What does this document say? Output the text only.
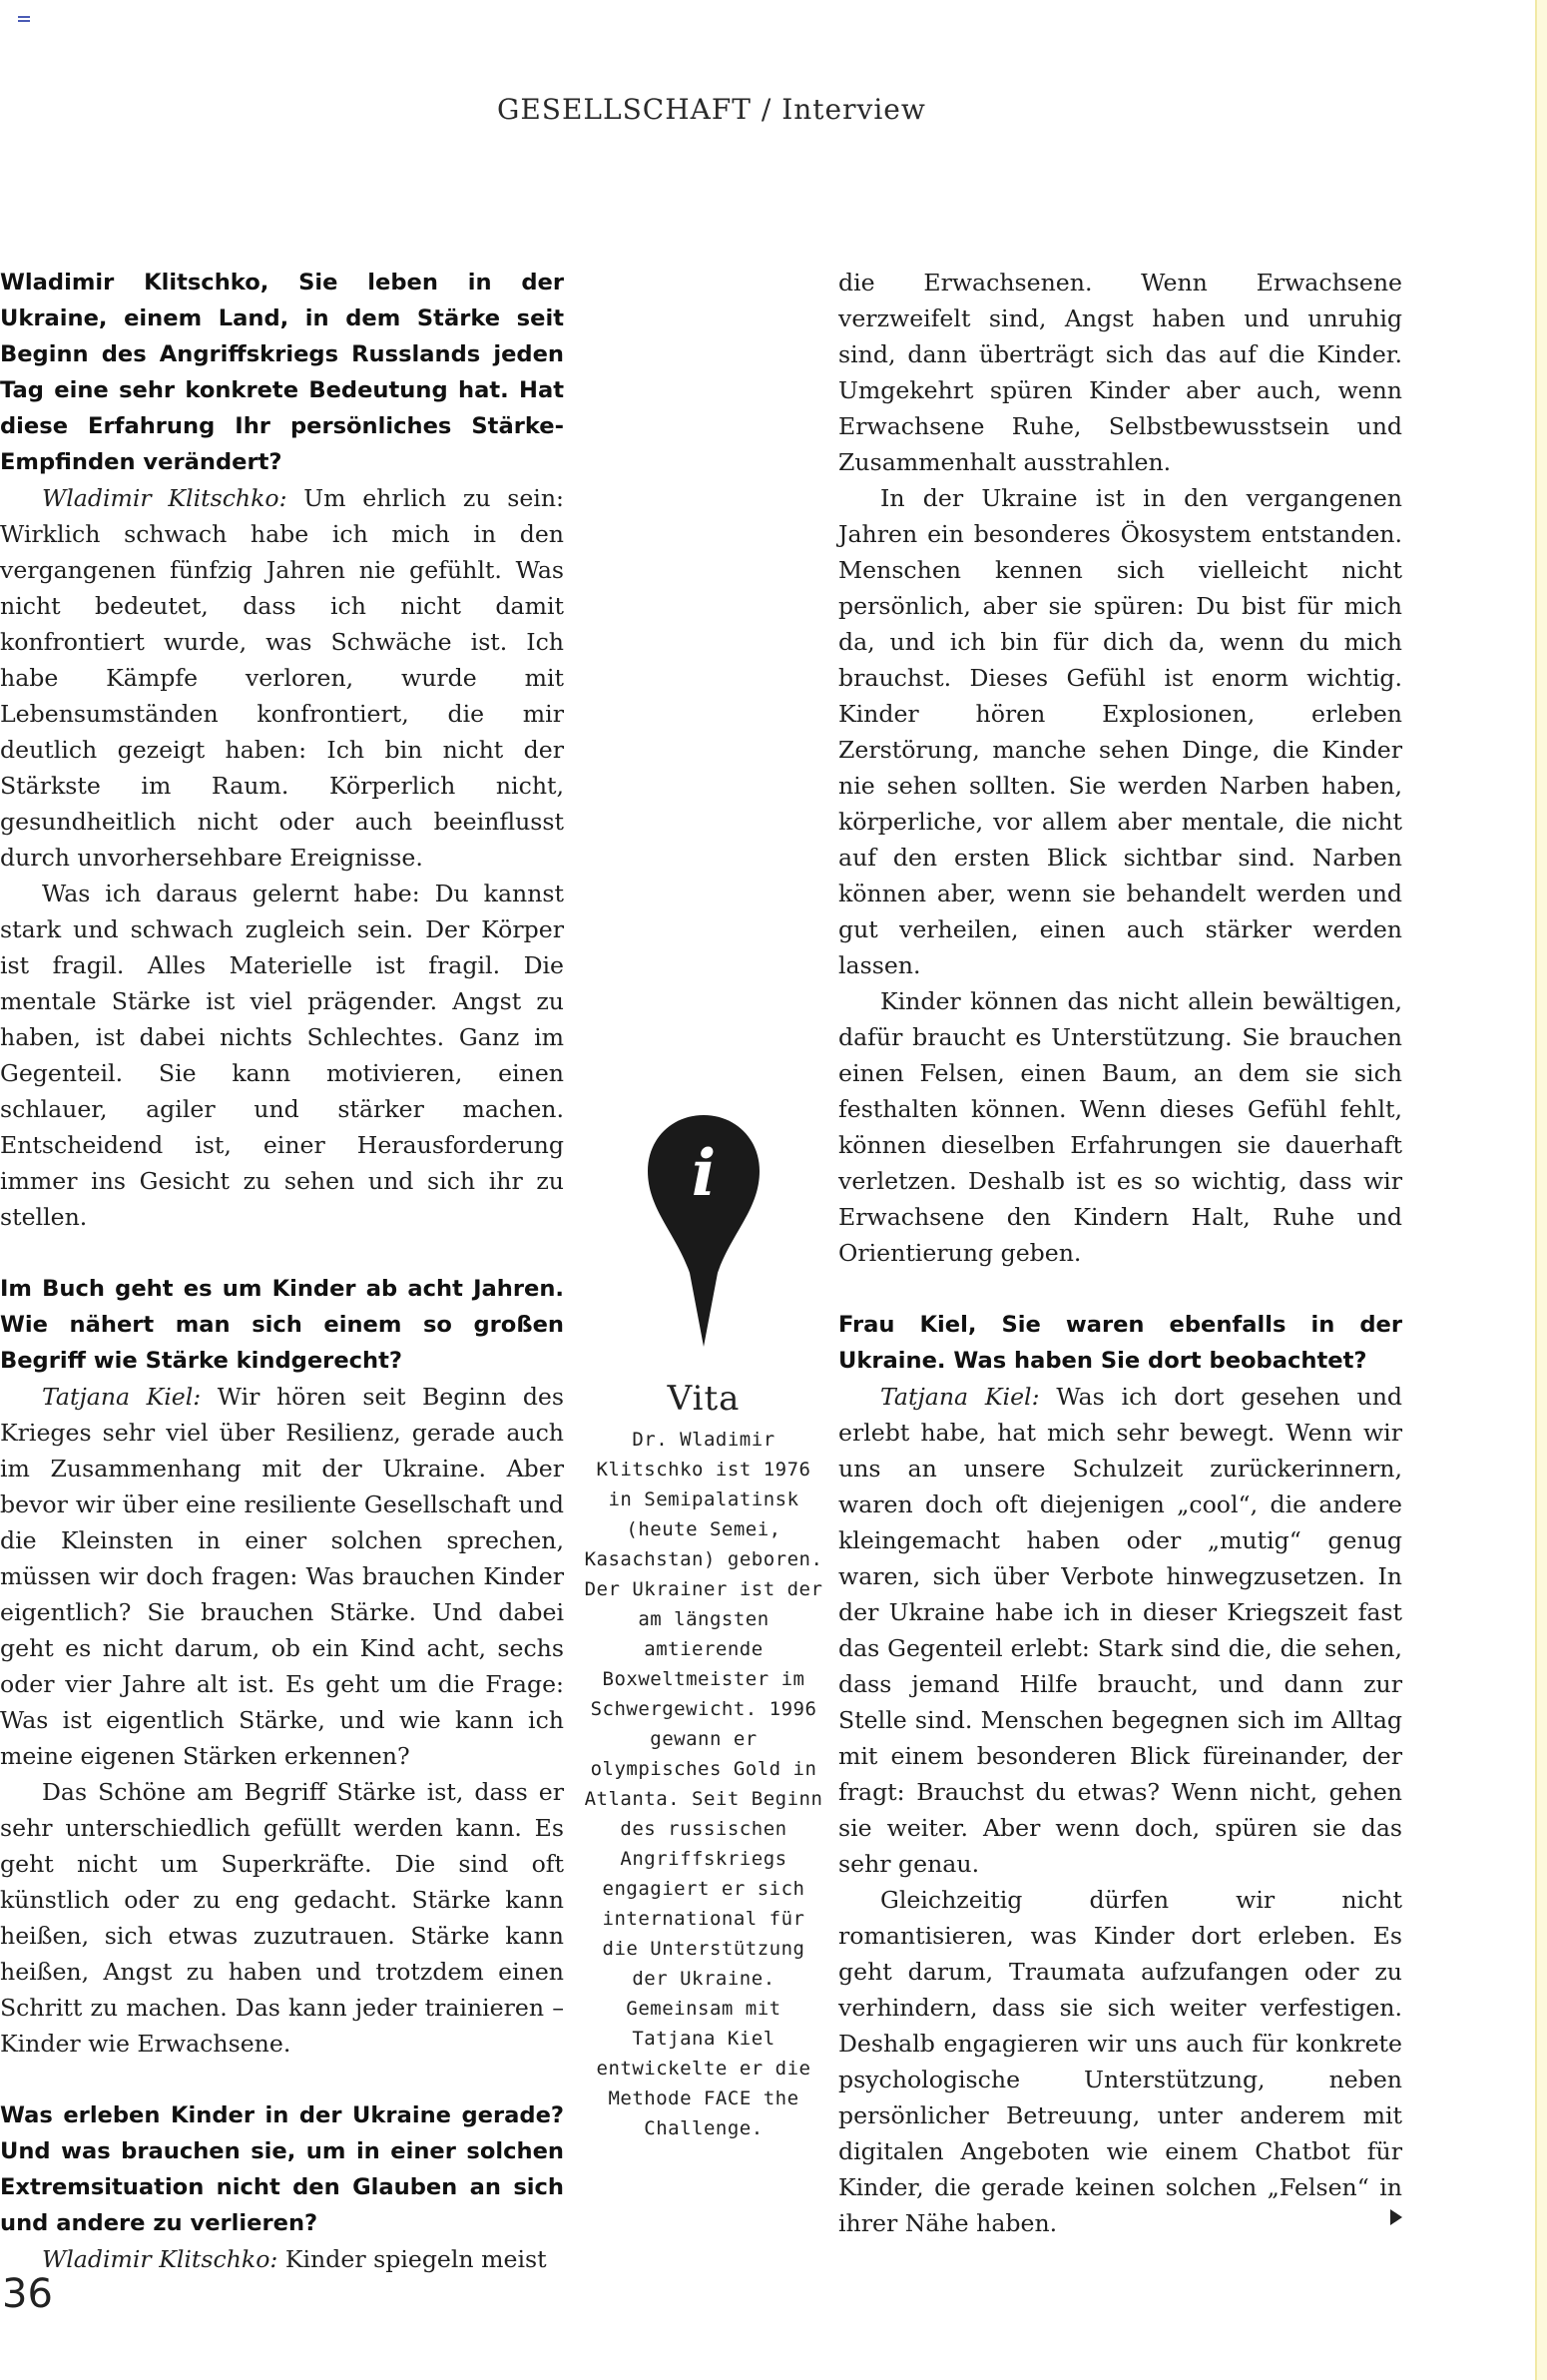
GESELLSCHAFT / Interview

Wladimir Klitschko, Sie leben in der Ukraine, einem Land, in dem Stärke seit Beginn des Angriffskriegs Russlands jeden Tag eine sehr konkrete Bedeutung hat. Hat diese Erfahrung Ihr persönliches Stärke-Empfinden verändert?

Wladimir Klitschko: Um ehrlich zu sein: Wirklich schwach habe ich mich in den vergangenen fünfzig Jahren nie gefühlt. Was nicht bedeutet, dass ich nicht damit konfrontiert wurde, was Schwäche ist. Ich habe Kämpfe verloren, wurde mit Lebensumständen konfrontiert, die mir deutlich gezeigt haben: Ich bin nicht der Stärkste im Raum. Körperlich nicht, gesundheitlich nicht oder auch beeinflusst durch unvorhersehbare Ereignisse.

Was ich daraus gelernt habe: Du kannst stark und schwach zugleich sein. Der Körper ist fragil. Alles Materielle ist fragil. Die mentale Stärke ist viel prägender. Angst zu haben, ist dabei nichts Schlechtes. Ganz im Gegenteil. Sie kann motivieren, einen schlauer, agiler und stärker machen. Entscheidend ist, einer Herausforderung immer ins Gesicht zu sehen und sich ihr zu stellen.

Im Buch geht es um Kinder ab acht Jahren. Wie nähert man sich einem so großen Begriff wie Stärke kindgerecht?

Tatjana Kiel: Wir hören seit Beginn des Krieges sehr viel über Resilienz, gerade auch im Zusammenhang mit der Ukraine. Aber bevor wir über eine resiliente Gesellschaft und die Kleinsten in einer solchen sprechen, müssen wir doch fragen: Was brauchen Kinder eigentlich? Sie brauchen Stärke. Und dabei geht es nicht darum, ob ein Kind acht, sechs oder vier Jahre alt ist. Es geht um die Frage: Was ist eigentlich Stärke, und wie kann ich meine eigenen Stärken erkennen?

Das Schöne am Begriff Stärke ist, dass er sehr unterschiedlich gefüllt werden kann. Es geht nicht um Superkräfte. Die sind oft künstlich oder zu eng gedacht. Stärke kann heißen, sich etwas zuzutrauen. Stärke kann heißen, Angst zu haben und trotzdem einen Schritt zu machen. Das kann jeder trainieren – Kinder wie Erwachsene.

Was erleben Kinder in der Ukraine gerade? Und was brauchen sie, um in einer solchen Extremsituation nicht den Glauben an sich und andere zu verlieren?

Wladimir Klitschko: Kinder spiegeln meist

i
Vita
Dr. Wladimir Klitschko ist 1976 in Semipalatinsk (heute Semei, Kasachstan) geboren. Der Ukrainer ist der am längsten amtierende Boxweltmeister im Schwergewicht. 1996 gewann er olympisches Gold in Atlanta. Seit Beginn des russischen Angriffskriegs engagiert er sich international für die Unterstützung der Ukraine. Gemeinsam mit Tatjana Kiel entwickelte er die Methode FACE the Challenge.

die Erwachsenen. Wenn Erwachsene verzweifelt sind, Angst haben und unruhig sind, dann überträgt sich das auf die Kinder. Umgekehrt spüren Kinder aber auch, wenn Erwachsene Ruhe, Selbstbewusstsein und Zusammenhalt ausstrahlen.

In der Ukraine ist in den vergangenen Jahren ein besonderes Ökosystem entstanden. Menschen kennen sich vielleicht nicht persönlich, aber sie spüren: Du bist für mich da, und ich bin für dich da, wenn du mich brauchst. Dieses Gefühl ist enorm wichtig. Kinder hören Explosionen, erleben Zerstörung, manche sehen Dinge, die Kinder nie sehen sollten. Sie werden Narben haben, körperliche, vor allem aber mentale, die nicht auf den ersten Blick sichtbar sind. Narben können aber, wenn sie behandelt werden und gut verheilen, einen auch stärker werden lassen.

Kinder können das nicht allein bewältigen, dafür braucht es Unterstützung. Sie brauchen einen Felsen, einen Baum, an dem sie sich festhalten können. Wenn dieses Gefühl fehlt, können dieselben Erfahrungen sie dauerhaft verletzen. Deshalb ist es so wichtig, dass wir Erwachsene den Kindern Halt, Ruhe und Orientierung geben.

Frau Kiel, Sie waren ebenfalls in der Ukraine. Was haben Sie dort beobachtet?

Tatjana Kiel: Was ich dort gesehen und erlebt habe, hat mich sehr bewegt. Wenn wir uns an unsere Schulzeit zurückerinnern, waren doch oft diejenigen „cool“, die andere kleingemacht haben oder „mutig“ genug waren, sich über Verbote hinwegzusetzen. In der Ukraine habe ich in dieser Kriegszeit fast das Gegenteil erlebt: Stark sind die, die sehen, dass jemand Hilfe braucht, und dann zur Stelle sind. Menschen begegnen sich im Alltag mit einem besonderen Blick füreinander, der fragt: Brauchst du etwas? Wenn nicht, gehen sie weiter. Aber wenn doch, spüren sie das sehr genau.

Gleichzeitig dürfen wir nicht romantisieren, was Kinder dort erleben. Es geht darum, Traumata aufzufangen oder zu verhindern, dass sie sich weiter verfestigen. Deshalb engagieren wir uns auch für konkrete psychologische Unterstützung, neben persönlicher Betreuung, unter anderem mit digitalen Angeboten wie einem Chatbot für Kinder, die gerade keinen solchen „Felsen“ in ihrer Nähe haben.

36
